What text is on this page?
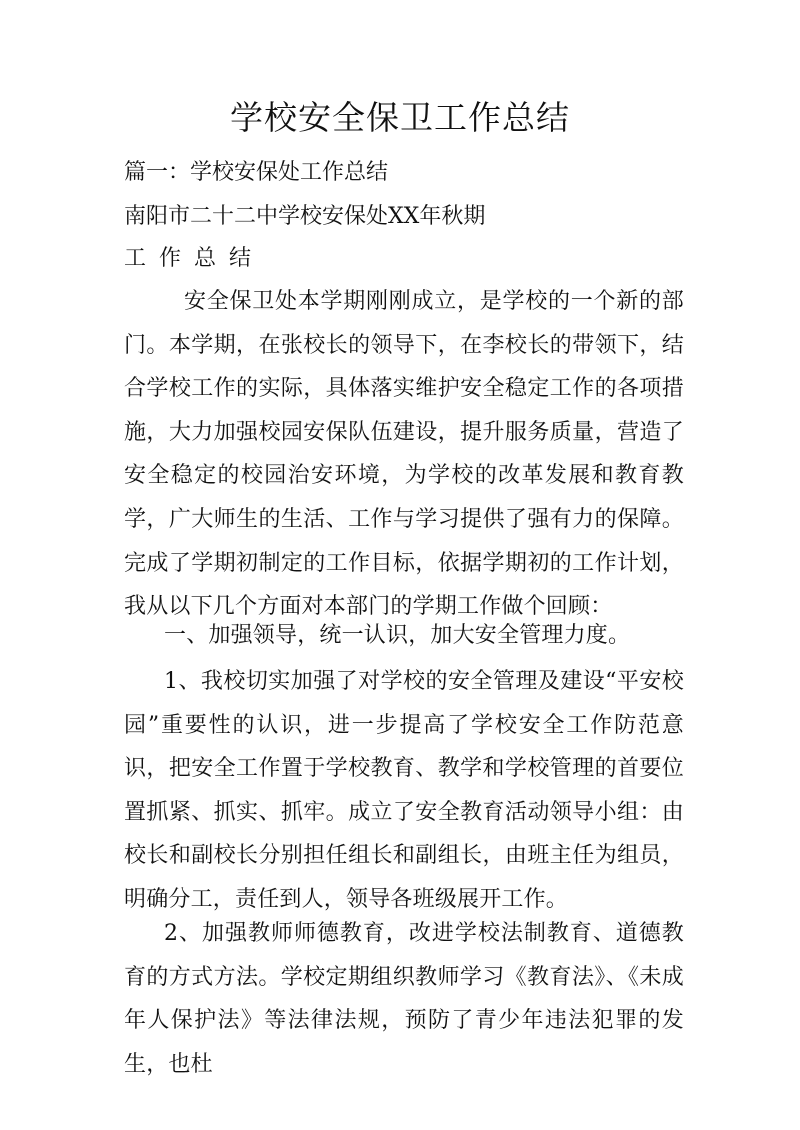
学校安全保卫工作总结

篇一：学校安保处工作总结

南阳市二十二中学校安保处XX年秋期

工作总结

安全保卫处本学期刚刚成立，是学校的一个新的部门。本学期，在张校长的领导下，在李校长的带领下，结合学校工作的实际，具体落实维护安全稳定工作的各项措施，大力加强校园安保队伍建设，提升服务质量，营造了安全稳定的校园治安环境，为学校的改革发展和教育教学，广大师生的生活、工作与学习提供了强有力的保障。完成了学期初制定的工作目标，依据学期初的工作计划，我从以下几个方面对本部门的学期工作做个回顾：

一、加强领导，统一认识，加大安全管理力度。

1、我校切实加强了对学校的安全管理及建设“平安校园”重要性的认识，进一步提高了学校安全工作防范意识，把安全工作置于学校教育、教学和学校管理的首要位置抓紧、抓实、抓牢。成立了安全教育活动领导小组：由校长和副校长分别担任组长和副组长，由班主任为组员，明确分工，责任到人，领导各班级展开工作。

2、加强教师师德教育，改进学校法制教育、道德教育的方式方法。学校定期组织教师学习《教育法》、《未成年人保护法》等法律法规，预防了青少年违法犯罪的发生，也杜
